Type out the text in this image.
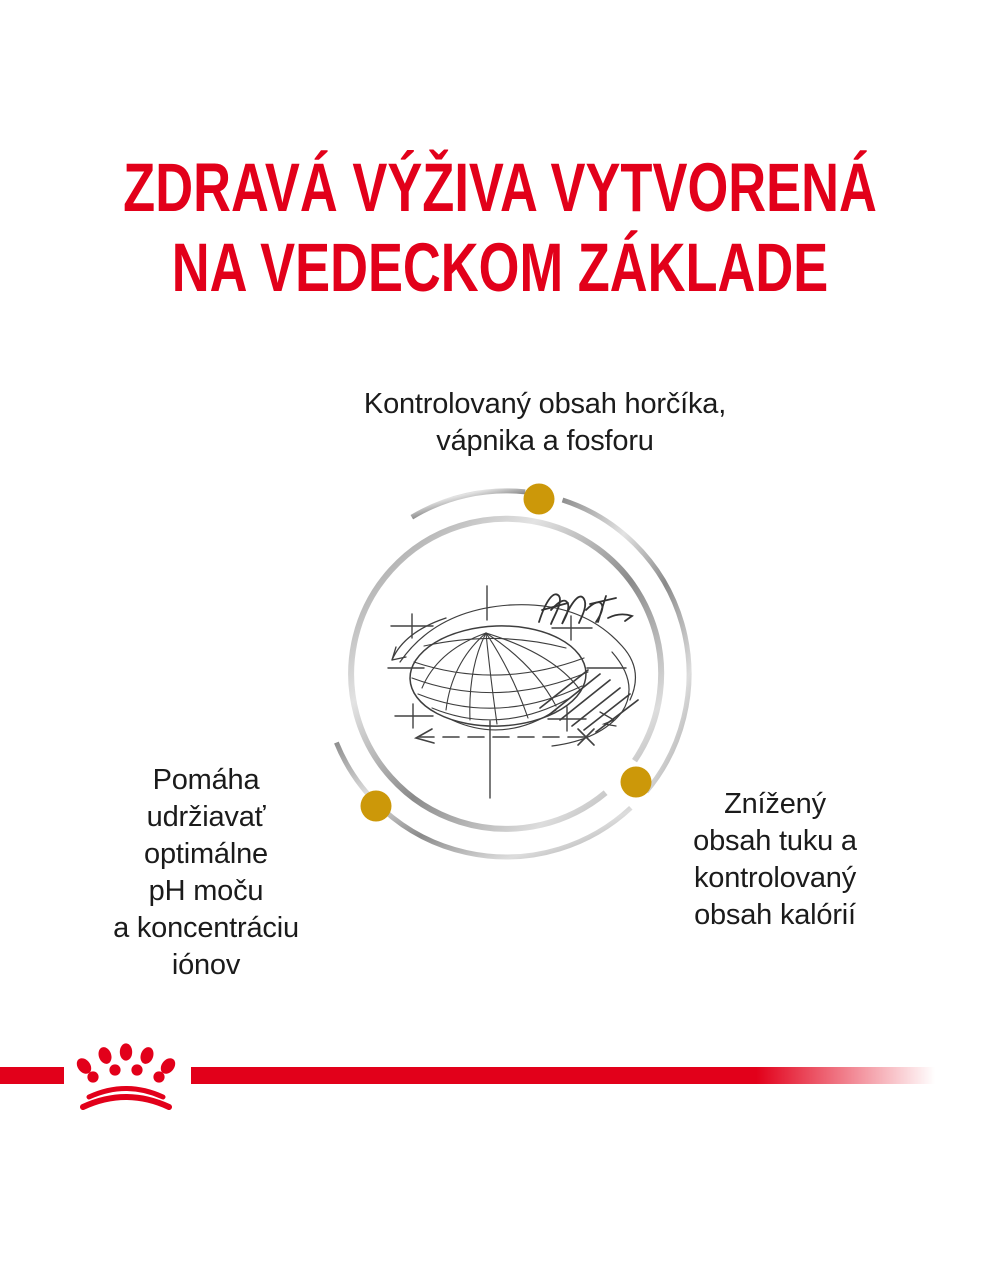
ZDRAVÁ VÝŽIVA VYTVORENÁ
NA VEDECKOM ZÁKLADE
Kontrolovaný obsah horčíka,
vápnika a fosforu
Pomáha
udržiavať
optimálne
pH moču
a koncentráciu
iónov
Znížený
obsah tuku a
kontrolovaný
obsah kalórií
